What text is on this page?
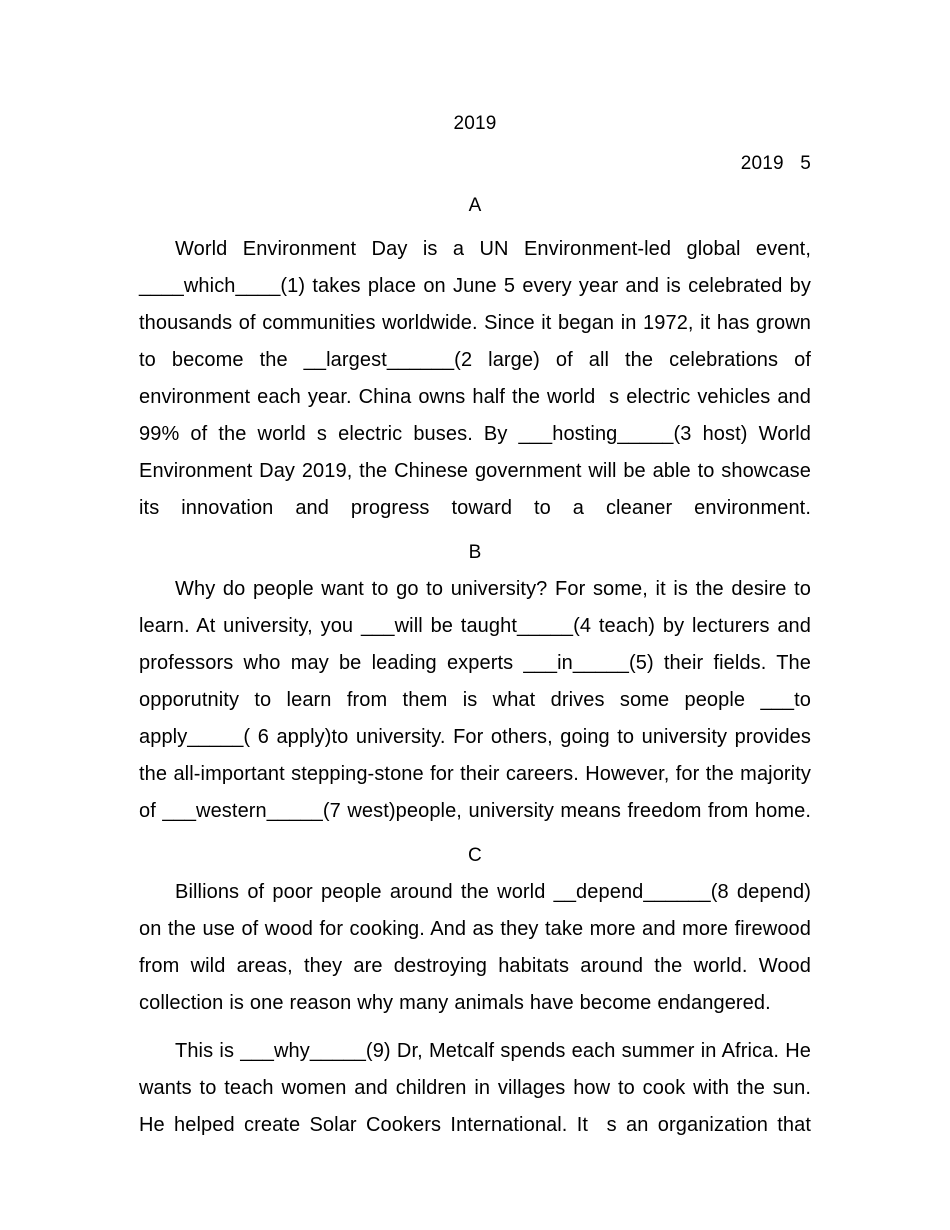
2019
2019   5
A
World Environment Day is a UN Environment-led global event, ____which____(1) takes place on June 5 every year and is celebrated by thousands of communities worldwide. Since it began in 1972, it has grown to become the __largest______(2 large) of all the celebrations of environment each year. China owns half the world  s electric vehicles and 99% of the world s electric buses. By ___hosting_____(3 host) World Environment Day 2019, the Chinese government will be able to showcase its innovation and progress toward to a cleaner environment.
B
Why do people want to go to university? For some, it is the desire to learn. At university, you ___will be taught_____(4 teach) by lecturers and professors who may be leading experts ___in_____(5) their fields. The opporutnity to learn from them is what drives some people ___to apply_____( 6 apply)to university. For others, going to university provides the all-important stepping-stone for their careers. However, for the majority of ___western_____(7 west)people, university means freedom from home.
C
Billions of poor people around the world __depend______(8 depend) on the use of wood for cooking. And as they take more and more firewood from wild areas, they are destroying habitats around the world. Wood collection is one reason why many animals have become endangered.
This is ___why_____(9) Dr, Metcalf spends each summer in Africa. He wants to teach women and children in villages how to cook with the sun. He helped create Solar Cookers International. It  s an organization that
